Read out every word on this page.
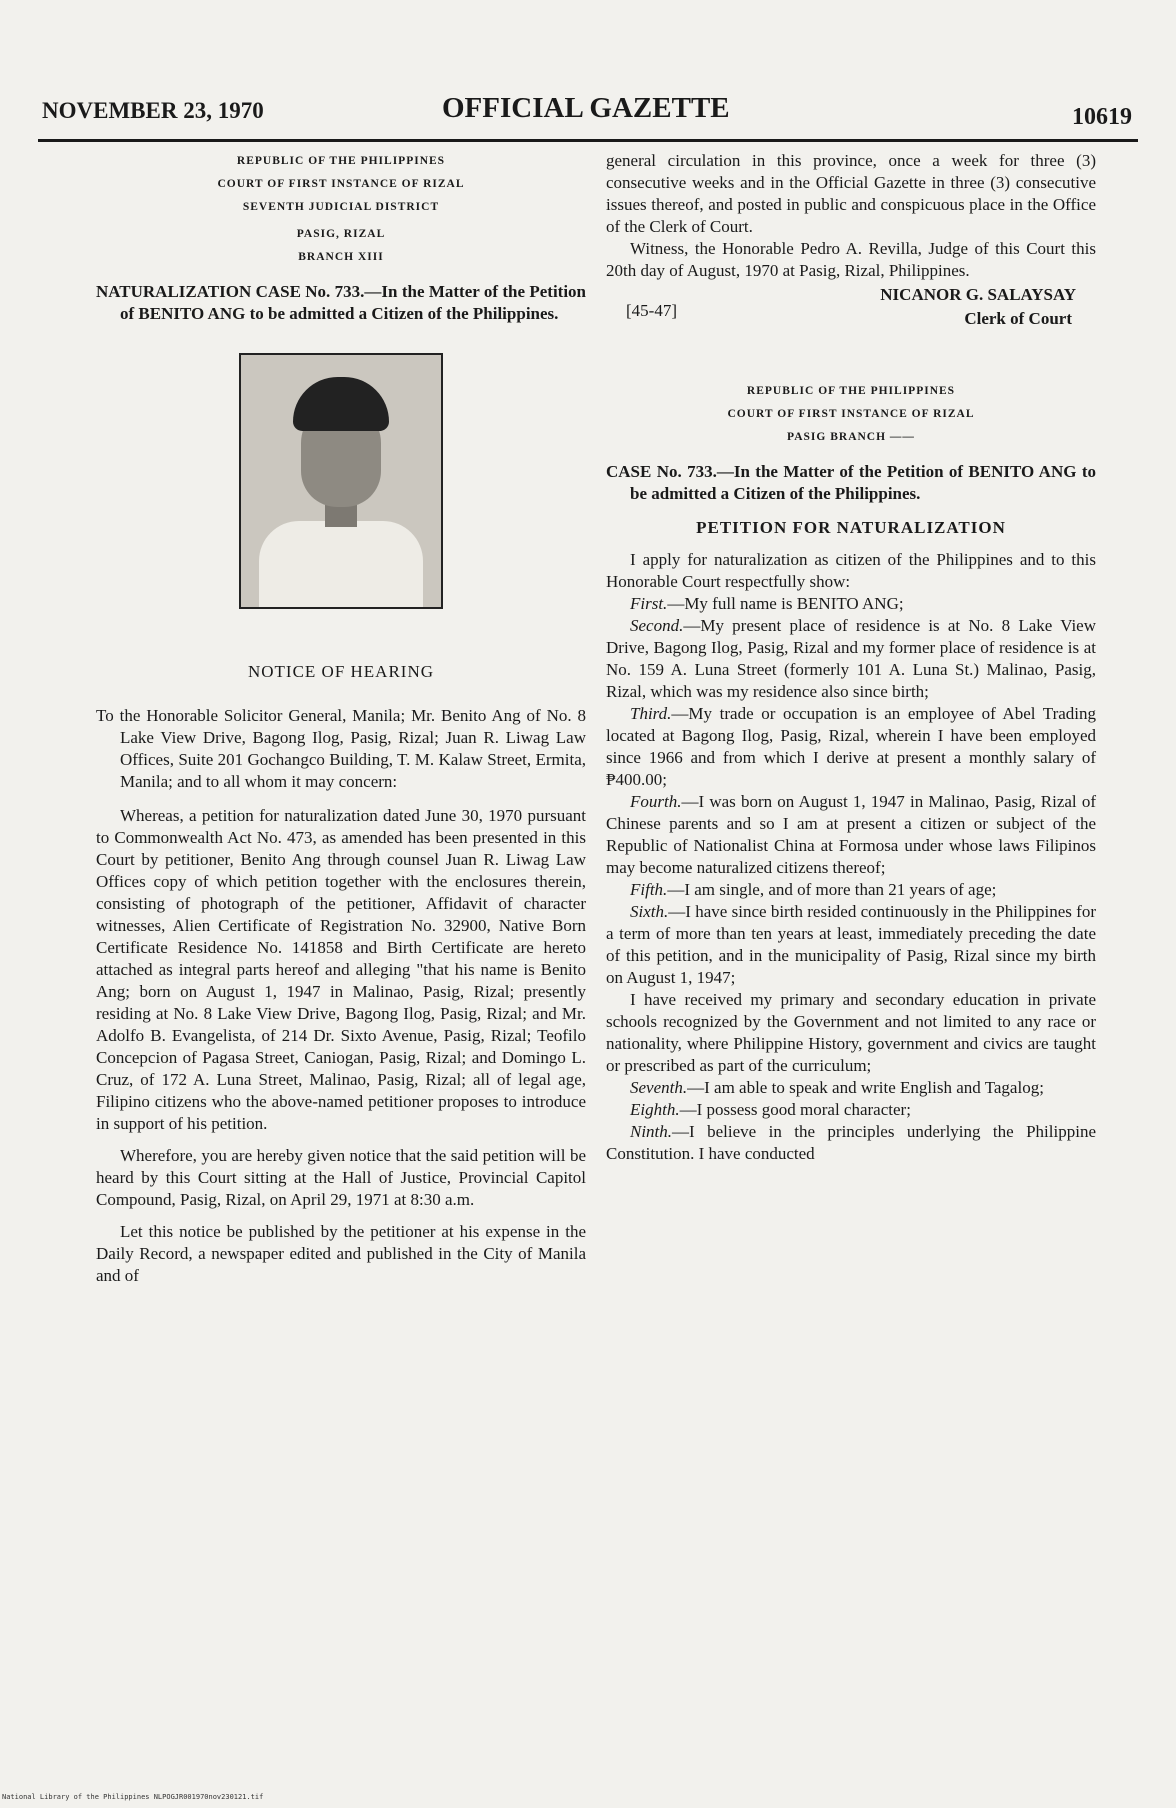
NOVEMBER 23, 1970	OFFICIAL GAZETTE	10619
REPUBLIC OF THE PHILIPPINES
COURT OF FIRST INSTANCE OF RIZAL
SEVENTH JUDICIAL DISTRICT
PASIG, RIZAL
BRANCH XIII

NATURALIZATION CASE No. 733.—In the Matter of the Petition of BENITO ANG to be admitted a Citizen of the Philippines.

NOTICE OF HEARING

To the Honorable Solicitor General, Manila; Mr. Benito Ang of No. 8 Lake View Drive, Bagong Ilog, Pasig, Rizal; Juan R. Liwag Law Offices, Suite 201 Gochangco Building, T. M. Kalaw Street, Ermita, Manila; and to all whom it may concern:

Whereas, a petition for naturalization dated June 30, 1970 pursuant to Commonwealth Act No. 473, as amended has been presented in this Court by petitioner, Benito Ang through counsel Juan R. Liwag Law Offices copy of which petition together with the enclosures therein, consisting of photograph of the petitioner, Affidavit of character witnesses, Alien Certificate of Registration No. 32900, Native Born Certificate Residence No. 141858 and Birth Certificate are hereto attached as integral parts hereof and alleging "that his name is Benito Ang; born on August 1, 1947 in Malinao, Pasig, Rizal; presently residing at No. 8 Lake View Drive, Bagong Ilog, Pasig, Rizal; and Mr. Adolfo B. Evangelista, of 214 Dr. Sixto Avenue, Pasig, Rizal; Teofilo Concepcion of Pagasa Street, Caniogan, Pasig, Rizal; and Domingo L. Cruz, of 172 A. Luna Street, Malinao, Pasig, Rizal; all of legal age, Filipino citizens who the above-named petitioner proposes to introduce in support of his petition.

Wherefore, you are hereby given notice that the said petition will be heard by this Court sitting at the Hall of Justice, Provincial Capitol Compound, Pasig, Rizal, on April 29, 1971 at 8:30 a.m.

Let this notice be published by the petitioner at his expense in the Daily Record, a newspaper edited and published in the City of Manila and of

general circulation in this province, once a week for three (3) consecutive weeks and in the Official Gazette in three (3) consecutive issues thereof, and posted in public and conspicuous place in the Office of the Clerk of Court.

Witness, the Honorable Pedro A. Revilla, Judge of this Court this 20th day of August, 1970 at Pasig, Rizal, Philippines.

NICANOR G. SALAYSAY
Clerk of Court
[45-47]
REPUBLIC OF THE PHILIPPINES
COURT OF FIRST INSTANCE OF RIZAL
PASIG BRANCH ——

CASE No. 733.—In the Matter of the Petition of BENITO ANG to be admitted a Citizen of the Philippines.

PETITION FOR NATURALIZATION

I apply for naturalization as citizen of the Philippines and to this Honorable Court respectfully show:

First.—My full name is BENITO ANG;

Second.—My present place of residence is at No. 8 Lake View Drive, Bagong Ilog, Pasig, Rizal and my former place of residence is at No. 159 A. Luna Street (formerly 101 A. Luna St.) Malinao, Pasig, Rizal, which was my residence also since birth;

Third.—My trade or occupation is an employee of Abel Trading located at Bagong Ilog, Pasig, Rizal, wherein I have been employed since 1966 and from which I derive at present a monthly salary of ₱400.00;

Fourth.—I was born on August 1, 1947 in Malinao, Pasig, Rizal of Chinese parents and so I am at present a citizen or subject of the Republic of Nationalist China at Formosa under whose laws Filipinos may become naturalized citizens thereof;

Fifth.—I am single, and of more than 21 years of age;

Sixth.—I have since birth resided continuously in the Philippines for a term of more than ten years at least, immediately preceding the date of this petition, and in the municipality of Pasig, Rizal since my birth on August 1, 1947;

I have received my primary and secondary education in private schools recognized by the Government and not limited to any race or nationality, where Philippine History, government and civics are taught or prescribed as part of the curriculum;

Seventh.—I am able to speak and write English and Tagalog;

Eighth.—I possess good moral character;

Ninth.—I believe in the principles underlying the Philippine Constitution. I have conducted

National Library of the Philippines NLPOGJR001970nov230121.tif
